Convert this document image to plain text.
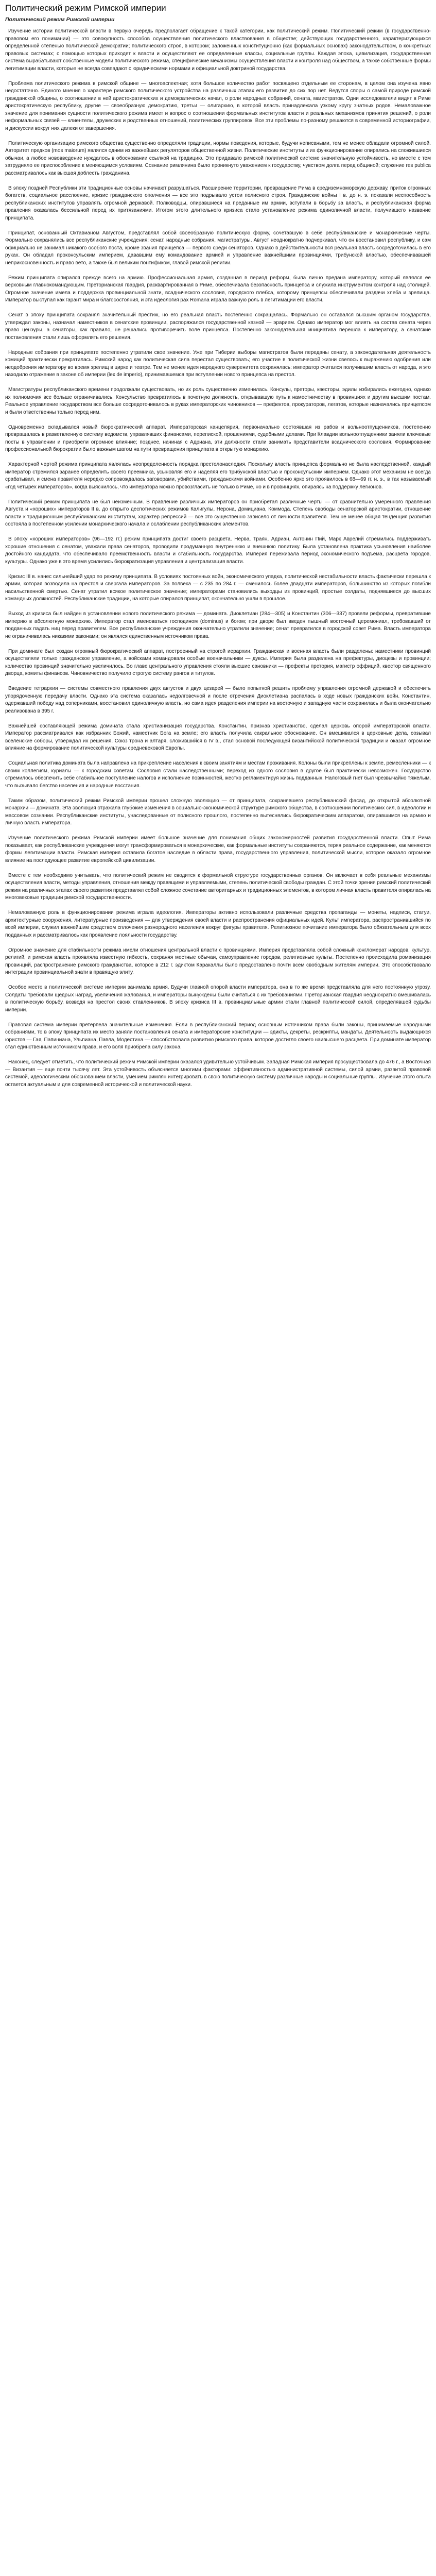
Политический режим Римской империи
Политический режим Римской империи

Изучение истории политической власти в первую очередь предполагает обращение к такой категории, как политический режим. Политический режим (в государственно-правовом его понимании) — это совокупность способов осуществления политического властвования в обществе; действующих государственного, характеризующихся определенной степенью политической демократии; политического строя, в котором; заложенных конституционно (как формальных основах) законодательством, в конкретных правовых системах; с помощью которых приходят к власти и осуществляют ее определенные классы, социальные группы. Каждая эпоха, цивилизация, государственная система вырабатывают собственные модели политического режима, специфические механизмы осуществления власти и контроля над обществом, а также собственные формы легитимации власти, которые не всегда совпадают с юридическими нормами и официальной доктриной государства.

Проблема политического режима в римской общине — многоаспектная; хотя большое количество работ посвящено отдельным ее сторонам, в целом она изучена явно недостаточно. Единого мнения о характере римского политического устройства на различных этапах его развития до сих пор нет. Ведутся споры о самой природе римской гражданской общины, о соотношении в ней аристократических и демократических начал, о роли народных собраний, сената, магистратов. Одни исследователи видят в Риме аристократическую республику, другие — своеобразную демократию, третьи — олигархию, в которой власть принадлежала узкому кругу знатных родов. Немаловажное значение для понимания сущности политического режима имеет и вопрос о соотношении формальных институтов власти и реальных механизмов принятия решений, о роли неформальных связей — клиентелы, дружеских и родственных отношений, политических группировок. Все эти проблемы по-разному решаются в современной историографии, и дискуссии вокруг них далеки от завершения.

Политическую организацию римского общества существенно определяли традиции, нормы поведения, которые, будучи неписаными, тем не менее обладали огромной силой. Авторитет предков (mos maiorum) являлся одним из важнейших регуляторов общественной жизни. Политические институты и их функционирование опирались на сложившиеся обычаи, а любое нововведение нуждалось в обосновании ссылкой на традицию. Это придавало римской политической системе значительную устойчивость, но вместе с тем затрудняло ее приспособление к меняющимся условиям. Сознание римлянина было проникнуто уважением к государству, чувством долга перед общиной; служение res publica рассматривалось как высшая доблесть гражданина.

В эпоху поздней Республики эти традиционные основы начинают разрушаться. Расширение территории, превращение Рима в средиземноморскую державу, приток огромных богатств, социальное расслоение, кризис гражданского ополчения — все это подрывало устои полисного строя. Гражданские войны I в. до н. э. показали неспособность республиканских институтов управлять огромной державой. Полководцы, опиравшиеся на преданные им армии, вступали в борьбу за власть, и республиканская форма правления оказалась бессильной перед их притязаниями. Итогом этого длительного кризиса стало установление режима единоличной власти, получившего название принципата.

Принципат, основанный Октавианом Августом, представлял собой своеобразную политическую форму, сочетавшую в себе республиканские и монархические черты. Формально сохранялись все республиканские учреждения: сенат, народные собрания, магистратуры. Август неоднократно подчеркивал, что он восстановил республику, и сам официально не занимал никакого особого поста, кроме звания принцепса — первого среди сенаторов. Однако в действительности вся реальная власть сосредоточилась в его руках. Он обладал проконсульским империем, дававшим ему командование армией и управление важнейшими провинциями, трибунской властью, обеспечивавшей неприкосновенность и право вето, а также был великим понтификом, главой римской религии.

Режим принципата опирался прежде всего на армию. Профессиональная армия, созданная в период реформ, была лично предана императору, который являлся ее верховным главнокомандующим. Преторианская гвардия, расквартированная в Риме, обеспечивала безопасность принцепса и служила инструментом контроля над столицей. Огромное значение имела и поддержка провинциальной знати, всаднического сословия, городского плебса, которому принцепсы обеспечивали раздачи хлеба и зрелища. Император выступал как гарант мира и благосостояния, и эта идеология pax Romana играла важную роль в легитимации его власти.

Сенат в эпоху принципата сохранял значительный престиж, но его реальная власть постепенно сокращалась. Формально он оставался высшим органом государства, утверждал законы, назначал наместников в сенатские провинции, распоряжался государственной казной — эрарием. Однако император мог влиять на состав сената через право цензуры, а сенаторы, как правило, не решались противоречить воле принцепса. Постепенно законодательная инициатива перешла к императору, а сенатские постановления стали лишь оформлять его решения.

Народные собрания при принципате постепенно утратили свое значение. Уже при Тиберии выборы магистратов были переданы сенату, а законодательная деятельность комиций практически прекратилась. Римский народ как политическая сила перестал существовать; его участие в политической жизни свелось к выражению одобрения или неодобрения императору во время зрелищ в цирке и театре. Тем не менее идея народного суверенитета сохранялась: император считался получившим власть от народа, и это находило отражение в законе об империи (lex de imperio), принимавшемся при вступлении нового принцепса на престол.

Магистратуры республиканского времени продолжали существовать, но их роль существенно изменилась. Консулы, преторы, квесторы, эдилы избирались ежегодно, однако их полномочия все больше ограничивались. Консульство превратилось в почетную должность, открывавшую путь к наместничеству в провинциях и другим высшим постам. Реальное управление государством все больше сосредоточивалось в руках императорских чиновников — префектов, прокураторов, легатов, которые назначались принцепсом и были ответственны только перед ним.

Одновременно складывался новый бюрократический аппарат. Императорская канцелярия, первоначально состоявшая из рабов и вольноотпущенников, постепенно превращалась в разветвленную систему ведомств, управлявших финансами, перепиской, прошениями, судебными делами. При Клавдии вольноотпущенники заняли ключевые посты в управлении и приобрели огромное влияние; позднее, начиная с Адриана, эти должности стали занимать представители всаднического сословия. Формирование профессиональной бюрократии было важным шагом на пути превращения принципата в открытую монархию.

Характерной чертой режима принципата являлась неопределенность порядка престолонаследия. Поскольку власть принцепса формально не была наследственной, каждый император стремился заранее определить своего преемника, усыновляя его и наделяя его трибунской властью и проконсульским империем. Однако этот механизм не всегда срабатывал, и смена правителя нередко сопровождалась заговорами, убийствами, гражданскими войнами. Особенно ярко это проявилось в 68—69 гг. н. э., в так называемый «год четырех императоров», когда выяснилось, что императора можно провозгласить не только в Риме, но и в провинциях, опираясь на поддержку легионов.

Политический режим принципата не был неизменным. В правление различных императоров он приобретал различные черты — от сравнительно умеренного правления Августа и «хороших» императоров II в. до открыто деспотических режимов Калигулы, Нерона, Домициана, Коммода. Степень свободы сенаторской аристократии, отношение власти к традиционным республиканским институтам, характер репрессий — все это существенно зависело от личности правителя. Тем не менее общая тенденция развития состояла в постепенном усилении монархического начала и ослаблении республиканских элементов.

В эпоху «хороших императоров» (96—192 гг.) режим принципата достиг своего расцвета. Нерва, Траян, Адриан, Антонин Пий, Марк Аврелий стремились поддерживать хорошие отношения с сенатом, уважали права сенаторов, проводили продуманную внутреннюю и внешнюю политику. Была установлена практика усыновления наиболее достойного кандидата, что обеспечивало преемственность власти и стабильность государства. Империя переживала период экономического подъема, расцвета городов, культуры. Однако уже в это время усилились бюрократизация управления и централизация власти.

Кризис III в. нанес сильнейший удар по режиму принципата. В условиях постоянных войн, экономического упадка, политической нестабильности власть фактически перешла к армии, которая возводила на престол и свергала императоров. За полвека — с 235 по 284 г. — сменилось более двадцати императоров, большинство из которых погибли насильственной смертью. Сенат утратил всякое политическое значение; императорами становились выходцы из провинций, простые солдаты, поднявшиеся до высших командных должностей. Республиканские традиции, на которые опирался принципат, окончательно ушли в прошлое.

Выход из кризиса был найден в установлении нового политического режима — домината. Диоклетиан (284—305) и Константин (306—337) провели реформы, превратившие империю в абсолютную монархию. Император стал именоваться господином (dominus) и богом; при дворе был введен пышный восточный церемониал, требовавший от подданных падать ниц перед правителем. Все республиканские учреждения окончательно утратили значение; сенат превратился в городской совет Рима. Власть императора не ограничивалась никакими законами; он являлся единственным источником права.

При доминате был создан огромный бюрократический аппарат, построенный на строгой иерархии. Гражданская и военная власть были разделены: наместники провинций осуществляли только гражданское управление, а войсками командовали особые военачальники — дуксы. Империя была разделена на префектуры, диоцезы и провинции; количество провинций значительно увеличилось. Во главе центрального управления стояли высшие сановники — префекты претория, магистр оффиций, квестор священного дворца, комиты финансов. Чиновничество получило строгую систему рангов и титулов.

Введение тетрархии — системы совместного правления двух августов и двух цезарей — было попыткой решить проблему управления огромной державой и обеспечить упорядоченную передачу власти. Однако эта система оказалась недолговечной и после отречения Диоклетиана распалась в ходе новых гражданских войн. Константин, одержавший победу над соперниками, восстановил единоличную власть, но сама идея разделения империи на восточную и западную части сохранилась и была окончательно реализована в 395 г.

Важнейшей составляющей режима домината стала христианизация государства. Константин, признав христианство, сделал церковь опорой императорской власти. Император рассматривался как избранник Божий, наместник Бога на земле; его власть получила сакральное обоснование. Он вмешивался в церковные дела, созывал вселенские соборы, утверждал их решения. Союз трона и алтаря, сложившийся в IV в., стал основой последующей византийской политической традиции и оказал огромное влияние на формирование политической культуры средневековой Европы.

Социальная политика домината была направлена на прикрепление населения к своим занятиям и местам проживания. Колоны были прикреплены к земле, ремесленники — к своим коллегиям, куриалы — к городским советам. Сословия стали наследственными; переход из одного сословия в другое был практически невозможен. Государство стремилось обеспечить себе стабильное поступление налогов и исполнение повинностей, жестко регламентируя жизнь подданных. Налоговый гнет был чрезвычайно тяжелым, что вызывало бегство населения и народные восстания.

Таким образом, политический режим Римской империи прошел сложную эволюцию — от принципата, сохранявшего республиканский фасад, до открытой абсолютной монархии — домината. Эта эволюция отражала глубокие изменения в социально-экономической структуре римского общества, в соотношении политических сил, в идеологии и массовом сознании. Республиканские институты, унаследованные от полисного прошлого, постепенно вытеснялись бюрократическим аппаратом, опиравшимся на армию и личную власть императора.

Изучение политического режима Римской империи имеет большое значение для понимания общих закономерностей развития государственной власти. Опыт Рима показывает, как республиканские учреждения могут трансформироваться в монархические, как формальные институты сохраняются, теряя реальное содержание, как меняются формы легитимации власти. Римская империя оставила богатое наследие в области права, государственного управления, политической мысли, которое оказало огромное влияние на последующее развитие европейской цивилизации.

Вместе с тем необходимо учитывать, что политический режим не сводится к формальной структуре государственных органов. Он включает в себя реальные механизмы осуществления власти, методы управления, отношения между правящими и управляемыми, степень политической свободы граждан. С этой точки зрения римский политический режим на различных этапах своего развития представлял собой сложное сочетание авторитарных и традиционных элементов, в котором личная власть правителя опиралась на многовековые традиции римской государственности.

Немаловажную роль в функционировании режима играла идеология. Императоры активно использовали различные средства пропаганды — монеты, надписи, статуи, архитектурные сооружения, литературные произведения — для утверждения своей власти и распространения официальных идей. Культ императора, распространившийся по всей империи, служил важнейшим средством сплочения разнородного населения вокруг фигуры правителя. Религиозное почитание императора было обязательным для всех подданных и рассматривалось как проявление лояльности государству.

Огромное значение для стабильности режима имели отношения центральной власти с провинциями. Империя представляла собой сложный конгломерат народов, культур, религий, и римская власть проявляла известную гибкость, сохраняя местные обычаи, самоуправление городов, религиозные культы. Постепенно происходила романизация провинций, распространение римского гражданства, которое в 212 г. эдиктом Каракаллы было предоставлено почти всем свободным жителям империи. Это способствовало интеграции провинциальной знати в правящую элиту.

Особое место в политической системе империи занимала армия. Будучи главной опорой власти императора, она в то же время представляла для него постоянную угрозу. Солдаты требовали щедрых наград, увеличения жалованья, и императоры вынуждены были считаться с их требованиями. Преторианская гвардия неоднократно вмешивалась в политическую борьбу, возводя на престол своих ставленников. В эпоху кризиса III в. провинциальные армии стали главной политической силой, определявшей судьбы империи.

Правовая система империи претерпела значительные изменения. Если в республиканский период основным источником права были законы, принимаемые народными собраниями, то в эпоху принципата их место заняли постановления сената и императорские конституции — эдикты, декреты, рескрипты, мандаты. Деятельность выдающихся юристов — Гая, Папиниана, Ульпиана, Павла, Модестина — способствовала развитию римского права, которое достигло своего наивысшего расцвета. При доминате император стал единственным источником права, и его воля приобрела силу закона.

Наконец, следует отметить, что политический режим Римской империи оказался удивительно устойчивым. Западная Римская империя просуществовала до 476 г., а Восточная — Византия — еще почти тысячу лет. Эта устойчивость объясняется многими факторами: эффективностью административной системы, силой армии, развитой правовой системой, идеологическим обоснованием власти, умением римлян интегрировать в свою политическую систему различные народы и социальные группы. Изучение этого опыта остается актуальным и для современной исторической и политической науки.
